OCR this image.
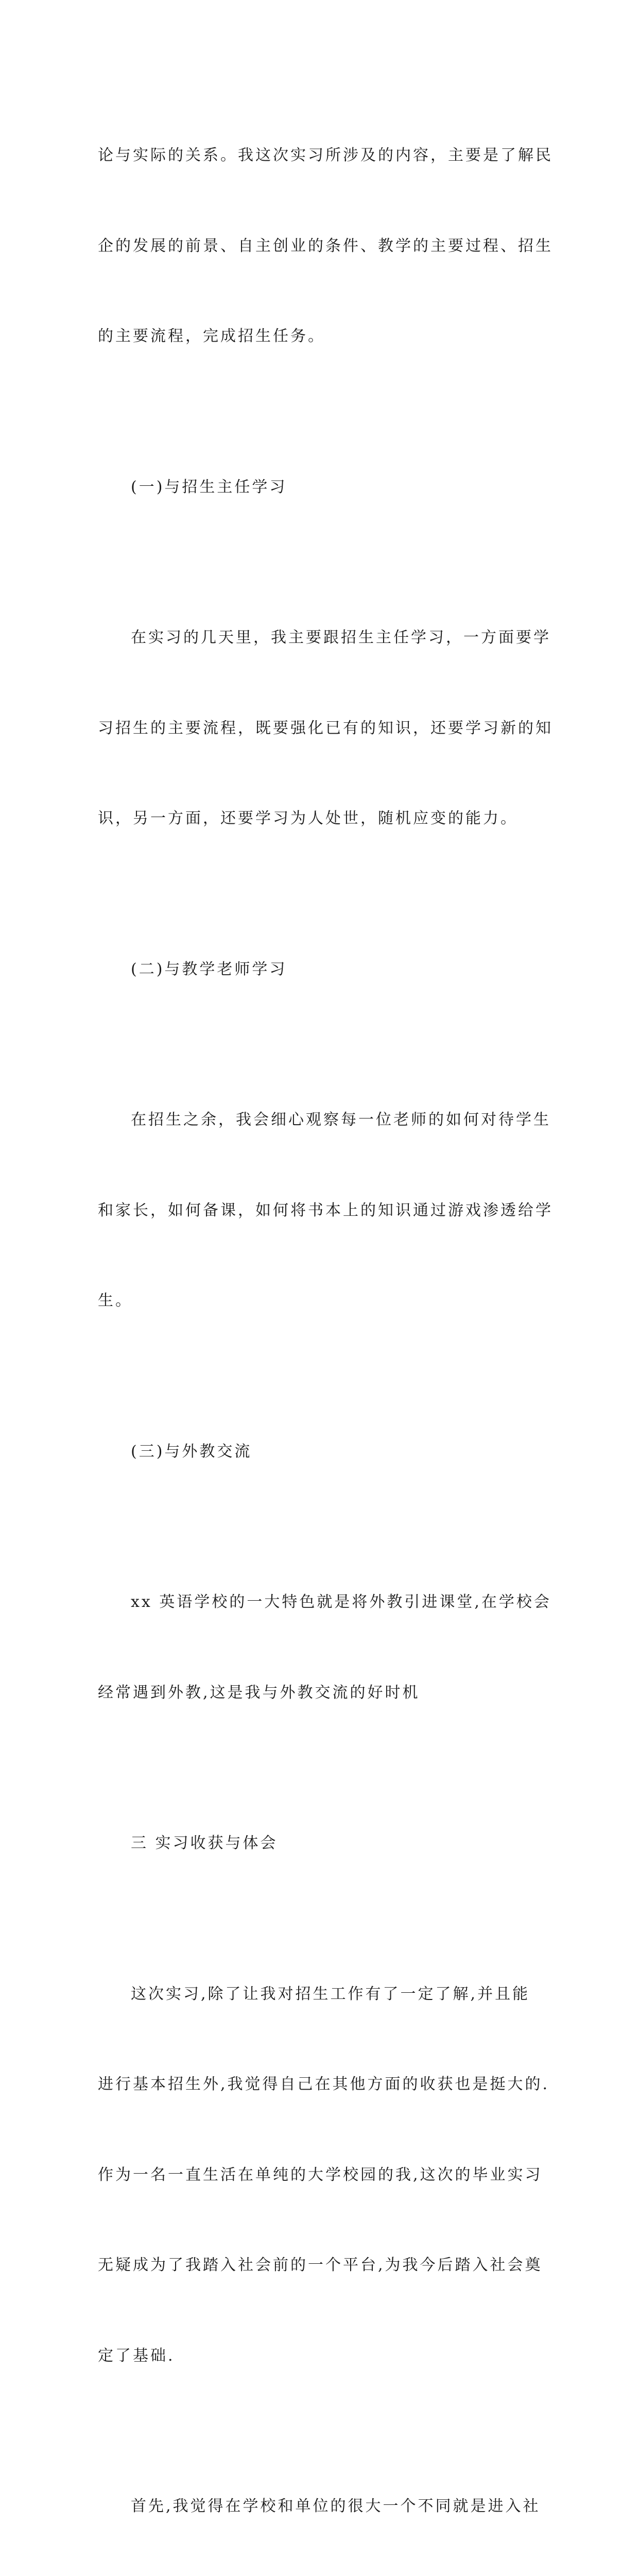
论与实际的关系。我这次实习所涉及的内容，主要是了解民

企的发展的前景、自主创业的条件、教学的主要过程、招生

的主要流程，完成招生任务。

(一)与招生主任学习

在实习的几天里，我主要跟招生主任学习，一方面要学

习招生的主要流程，既要强化已有的知识，还要学习新的知

识，另一方面，还要学习为人处世，随机应变的能力。

(二)与教学老师学习

在招生之余，我会细心观察每一位老师的如何对待学生

和家长，如何备课，如何将书本上的知识通过游戏渗透给学

生。

(三)与外教交流

xx 英语学校的一大特色就是将外教引进课堂,在学校会

经常遇到外教,这是我与外教交流的好时机

三 实习收获与体会

这次实习,除了让我对招生工作有了一定了解,并且能

进行基本招生外,我觉得自己在其他方面的收获也是挺大的.

作为一名一直生活在单纯的大学校园的我,这次的毕业实习

无疑成为了我踏入社会前的一个平台,为我今后踏入社会奠

定了基础.

首先,我觉得在学校和单位的很大一个不同就是进入社
